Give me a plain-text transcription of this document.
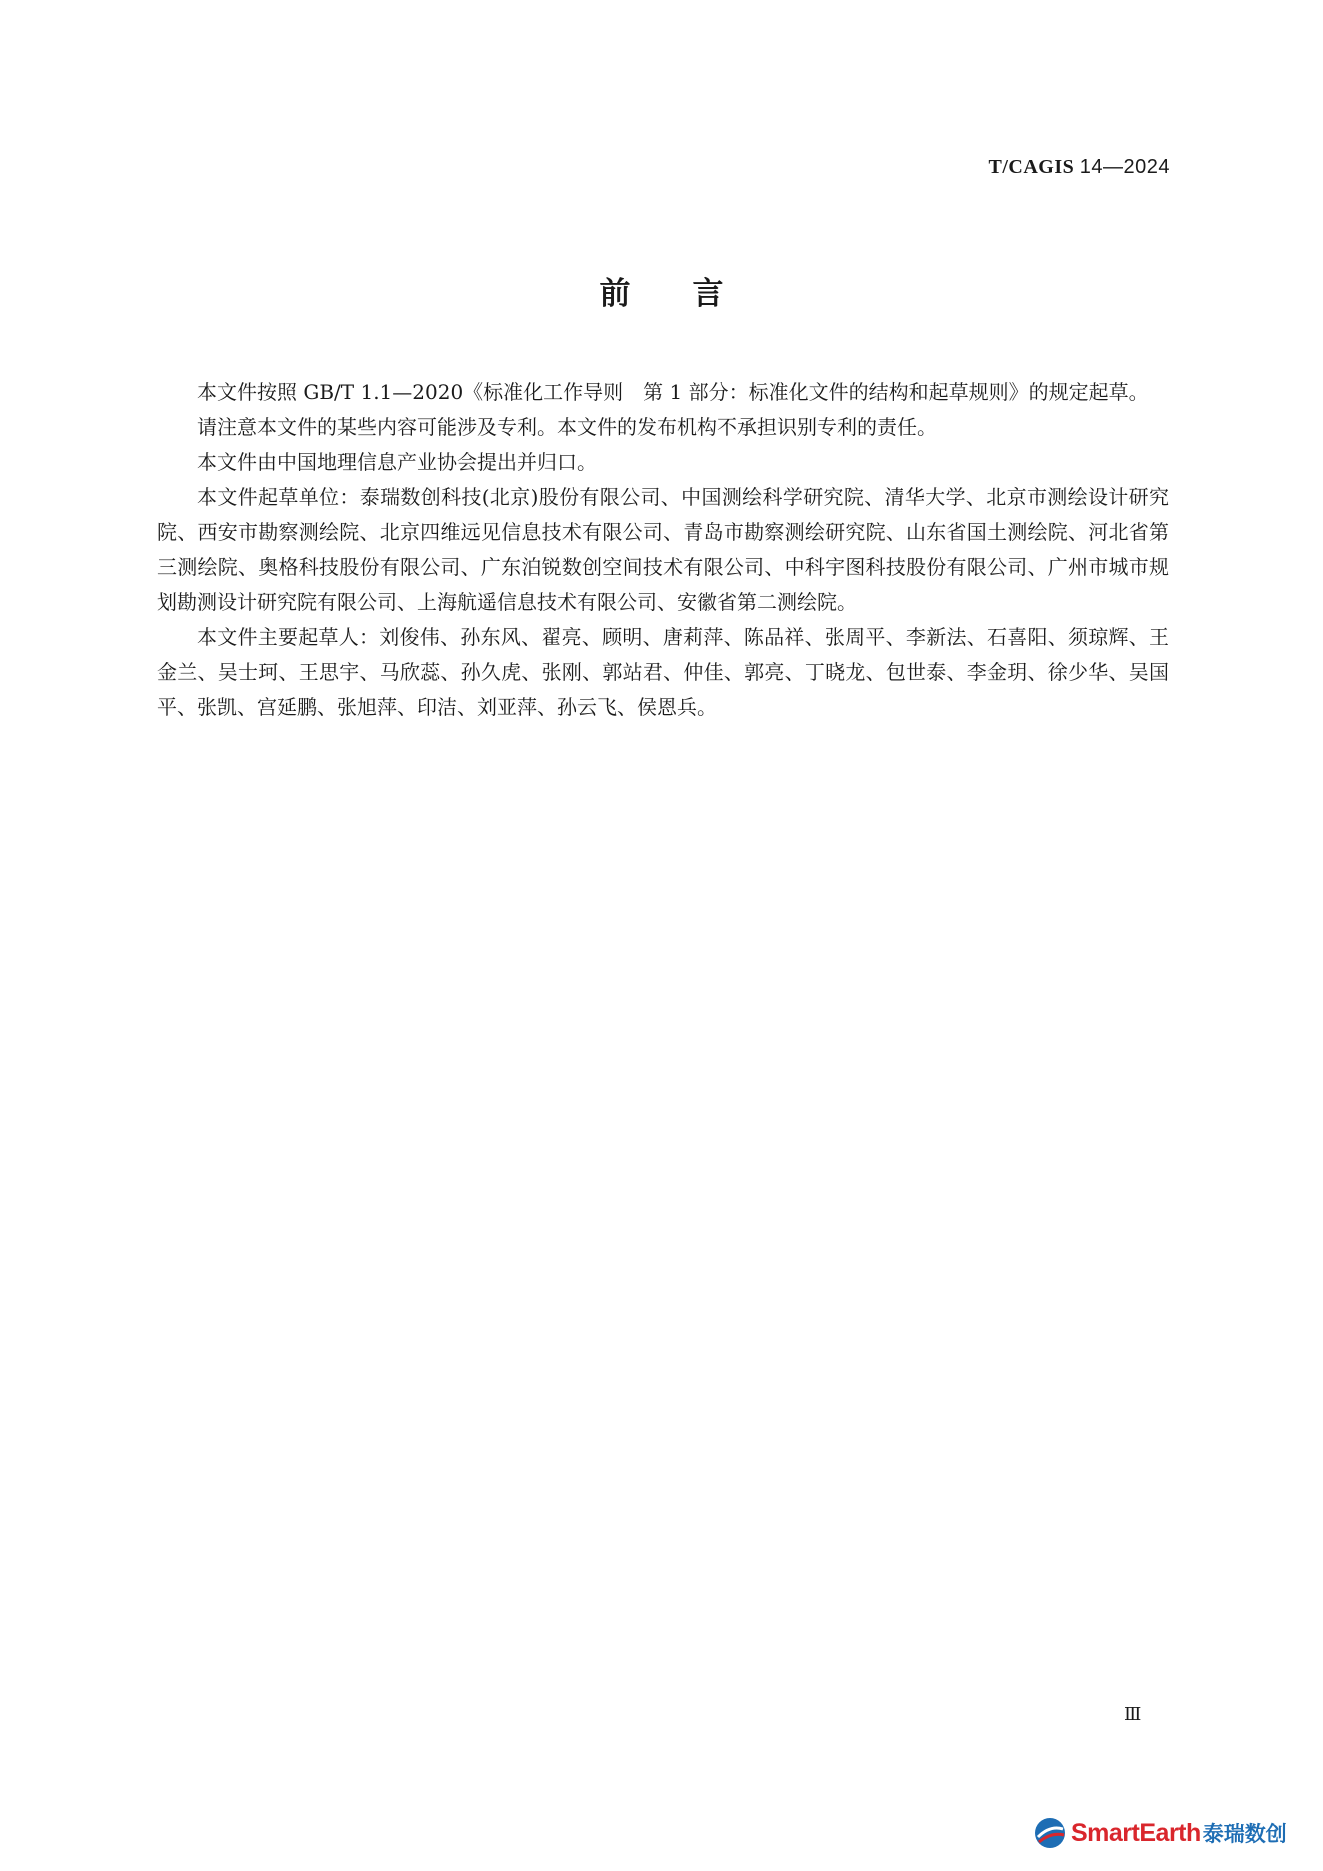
T/CAGIS 14—2024
前 言

本文件按照 GB/T 1.1—2020《标准化工作导则　第 1 部分：标准化文件的结构和起草规则》的规定起草。

请注意本文件的某些内容可能涉及专利。本文件的发布机构不承担识别专利的责任。

本文件由中国地理信息产业协会提出并归口。

本文件起草单位：泰瑞数创科技(北京)股份有限公司、中国测绘科学研究院、清华大学、北京市测绘设计研究院、西安市勘察测绘院、北京四维远见信息技术有限公司、青岛市勘察测绘研究院、山东省国土测绘院、河北省第三测绘院、奥格科技股份有限公司、广东泊锐数创空间技术有限公司、中科宇图科技股份有限公司、广州市城市规划勘测设计研究院有限公司、上海航遥信息技术有限公司、安徽省第二测绘院。

本文件主要起草人：刘俊伟、孙东风、翟亮、顾明、唐莉萍、陈品祥、张周平、李新法、石喜阳、须琼辉、王金兰、吴士珂、王思宇、马欣蕊、孙久虎、张刚、郭站君、仲佳、郭亮、丁晓龙、包世泰、李金玥、徐少华、吴国平、张凯、宫延鹏、张旭萍、印洁、刘亚萍、孙云飞、侯恩兵。

Ⅲ
SmartEarth 泰瑞数创
